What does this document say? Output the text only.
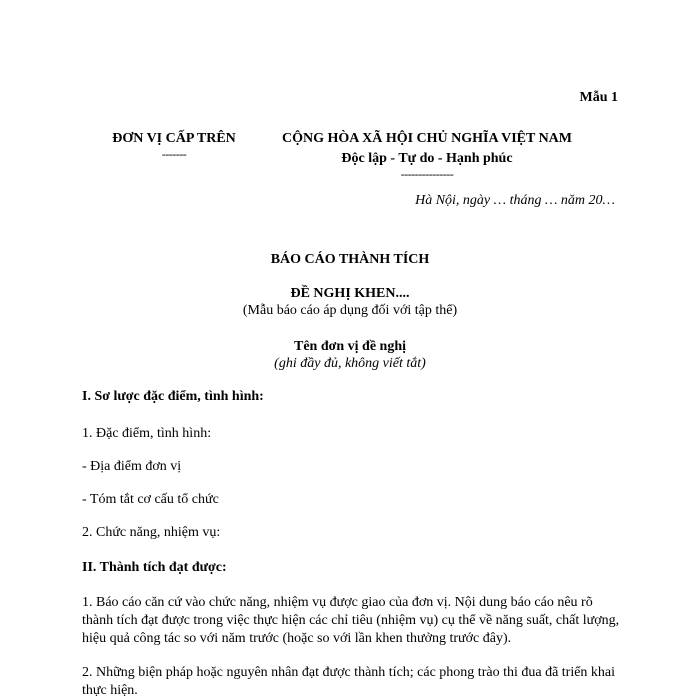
Mẫu 1
ĐƠN VỊ CẤP TRÊN
-------
CỘNG HÒA XÃ HỘI CHỦ NGHĨA VIỆT NAM
Độc lập - Tự do - Hạnh phúc
---------------
Hà Nội, ngày … tháng … năm 20…
BÁO CÁO THÀNH TÍCH
ĐỀ NGHỊ KHEN....
(Mẫu báo cáo áp dụng đối với tập thể)
Tên đơn vị đề nghị
(ghi đầy đủ, không viết tắt)
I. Sơ lược đặc điểm, tình hình:
1. Đặc điểm, tình hình:
- Địa điểm đơn vị
- Tóm tắt cơ cấu tổ chức
2. Chức năng, nhiệm vụ:
II. Thành tích đạt được:
1. Báo cáo căn cứ vào chức năng, nhiệm vụ được giao của đơn vị. Nội dung báo cáo nêu rõ thành tích đạt được trong việc thực hiện các chỉ tiêu (nhiệm vụ) cụ thể về năng suất, chất lượng, hiệu quả công tác so với năm trước (hoặc so với lần khen thưởng trước đây).
2. Những biện pháp hoặc nguyên nhân đạt được thành tích; các phong trào thi đua đã triển khai thực hiện.
